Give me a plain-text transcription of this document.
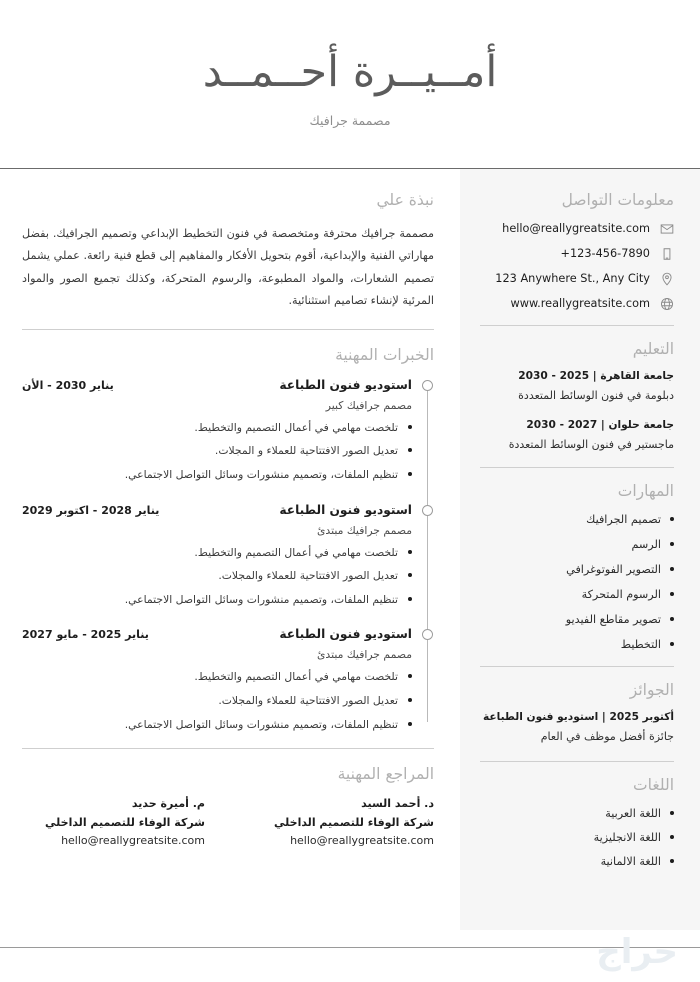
أمــيــرة أحــمــد
مصممة جرافيك
نبذة علي
مصممة جرافيك محترفة ومتخصصة في فنون التخطيط الإبداعي وتصميم الجرافيك. بفضل مهاراتي الفنية والإبداعية، أقوم بتحويل الأفكار والمفاهيم إلى قطع فنية رائعة. عملي يشمل تصميم الشعارات، والمواد المطبوعة، والرسوم المتحركة، وكذلك تجميع الصور والمواد المرئية لإنشاء تصاميم استثنائية.
الخبرات المهنية
استوديو فنون الطباعة
يناير 2030 - الأن
مصمم جرافيك كبير
تلخصت مهامي في أعمال التصميم والتخطيط.
تعديل الصور الافتتاحية للعملاء و المجلات.
تنظيم الملفات، وتصميم منشورات وسائل التواصل الاجتماعي.
استوديو فنون الطباعة
يناير 2028 - اكتوبر 2029
مصمم جرافيك مبتدئ
تلخصت مهامي في أعمال التصميم والتخطيط.
تعديل الصور الافتتاحية للعملاء والمجلات.
تنظيم الملفات، وتصميم منشورات وسائل التواصل الاجتماعي.
استوديو فنون الطباعة
يناير 2025 - مايو 2027
مصمم جرافيك مبتدئ
تلخصت مهامي في أعمال التصميم والتخطيط.
تعديل الصور الافتتاحية للعملاء والمجلات.
تنظيم الملفات، وتصميم منشورات وسائل التواصل الاجتماعي.
المراجع المهنية
د. أحمد السيد
شركة الوفاء للتصميم الداخلي
hello@reallygreatsite.com
م. أميرة حديد
شركة الوفاء للتصميم الداخلي
hello@reallygreatsite.com
معلومات التواصل
hello@reallygreatsite.com
+123-456-7890
123 Anywhere St., Any City
www.reallygreatsite.com
التعليم
جامعة القاهرة | 2025 - 2030
دبلومة في فنون الوسائط المتعددة
جامعة حلوان | 2027 - 2030
ماجستير في فنون الوسائط المتعددة
المهارات
تصميم الجرافيك
الرسم
التصوير الفوتوغرافي
الرسوم المتحركة
تصوير مقاطع الفيديو
التخطيط
الجوائز
أكتوبر 2025 | استوديو فنون الطباعة
جائزة أفضل موظف في العام
اللغات
اللغة العربية
اللغة الانجليزية
اللغة الالمانية
حراج
